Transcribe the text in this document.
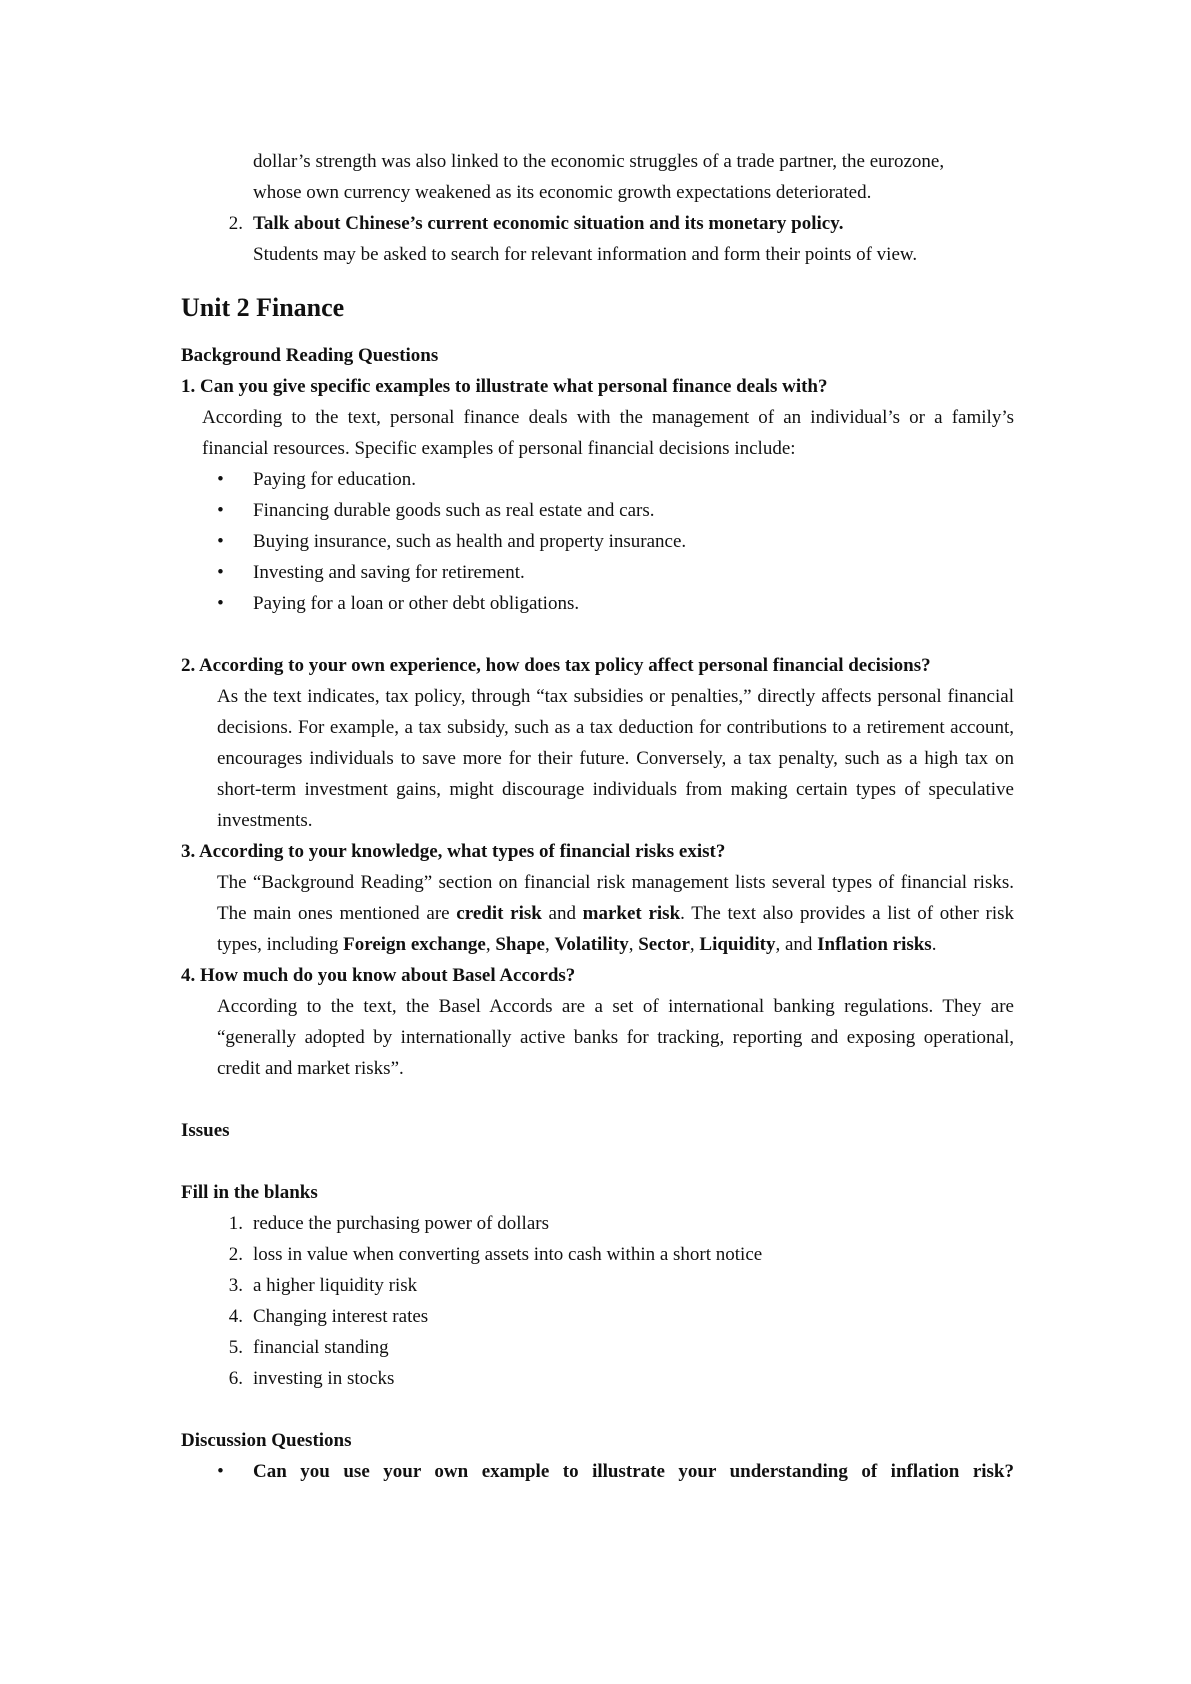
dollar’s strength was also linked to the economic struggles of a trade partner, the eurozone,

whose own currency weakened as its economic growth expectations deteriorated.

2. Talk about Chinese’s current economic situation and its monetary policy.

Students may be asked to search for relevant information and form their points of view.

Unit 2 Finance
Background Reading Questions

1. Can you give specific examples to illustrate what personal finance deals with?

According to the text, personal finance deals with the management of an individual’s or a family’s financial resources. Specific examples of personal financial decisions include:

•	Paying for education.
•	Financing durable goods such as real estate and cars.
•	Buying insurance, such as health and property insurance.
•	Investing and saving for retirement.
•	Paying for a loan or other debt obligations.

2. According to your own experience, how does tax policy affect personal financial decisions?

As the text indicates, tax policy, through “tax subsidies or penalties,” directly affects personal financial decisions. For example, a tax subsidy, such as a tax deduction for contributions to a retirement account, encourages individuals to save more for their future. Conversely, a tax penalty, such as a high tax on short-term investment gains, might discourage individuals from making certain types of speculative investments.

3. According to your knowledge, what types of financial risks exist?

The “Background Reading” section on financial risk management lists several types of financial risks. The main ones mentioned are credit risk and market risk. The text also provides a list of other risk types, including Foreign exchange, Shape, Volatility, Sector, Liquidity, and Inflation risks.

4. How much do you know about Basel Accords?

According to the text, the Basel Accords are a set of international banking regulations. They are “generally adopted by internationally active banks for tracking, reporting and exposing operational, credit and market risks”.

Issues
Fill in the blanks
1. reduce the purchasing power of dollars
2. loss in value when converting assets into cash within a short notice
3. a higher liquidity risk
4. Changing interest rates
5. financial standing
6. investing in stocks
Discussion Questions
•	Can you use your own example to illustrate your understanding of inflation risk?
